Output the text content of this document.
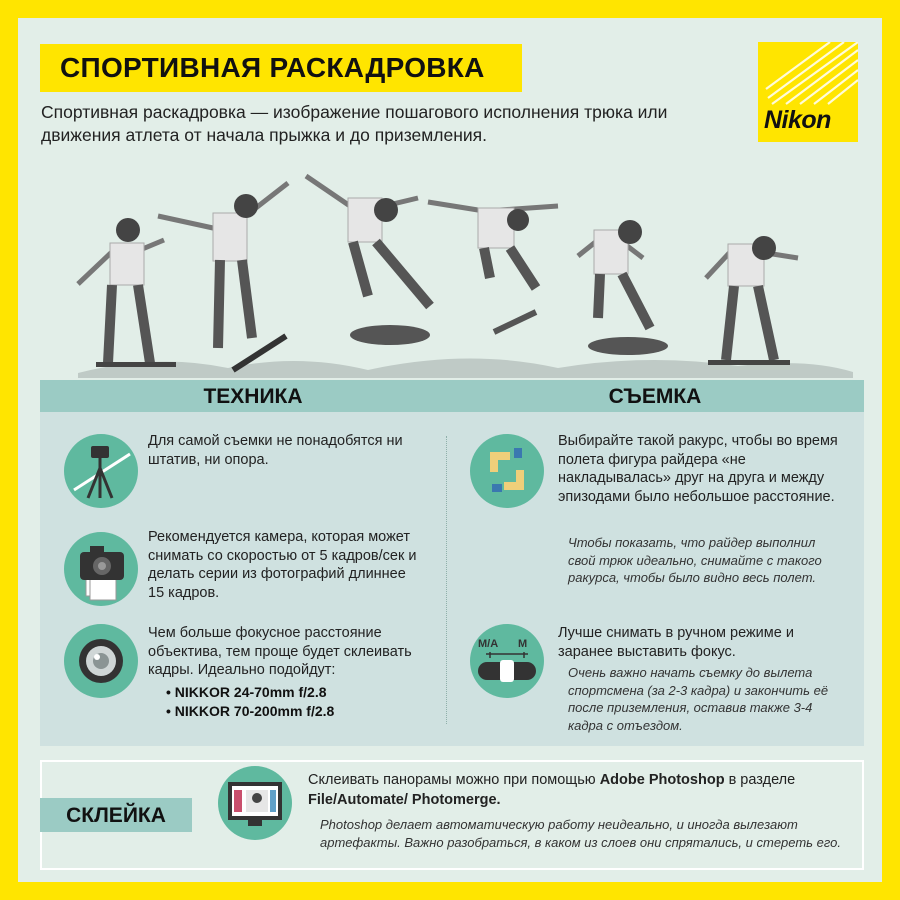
СПОРТИВНАЯ РАСКАДРОВКА
Спортивная раскадровка — изображение пошагового исполнения трюка или движения атлета от начала прыжка и до приземления.
Nikon
ТЕХНИКА	СЪЕМКА
Для самой съемки не понадобятся ни штатив, ни опора.
Рекомендуется камера, которая может снимать со скоростью от 5 кадров/сек и делать серии из фотографий длиннее 15 кадров.
Чем больше фокусное расстояние объектива, тем проще будет склеивать кадры. Идеально подойдут:
• NIKKOR 24-70mm f/2.8
• NIKKOR 70-200mm f/2.8
Выбирайте такой ракурс, чтобы во время полета фигура райдера «не накладывалась» друг на друга и между эпизодами было небольшое расстояние.
Чтобы показать, что райдер выполнил свой трюк идеально, снимайте с такого ракурса, чтобы было видно весь полет.
M/A M
Лучше снимать в ручном режиме и заранее выставить фокус.
Очень важно начать съемку до вылета спортсмена (за 2-3 кадра) и закончить её после приземления, оставив также 3-4 кадра с отъездом.
СКЛЕЙКА
Склеивать панорамы можно при помощью Adobe Photoshop в разделе
File/Automate/ Photomerge.
Photoshop делает автоматическую работу неидеально, и иногда вылезают артефакты. Важно разобраться, в каком из слоев они спрятались, и стереть его.
